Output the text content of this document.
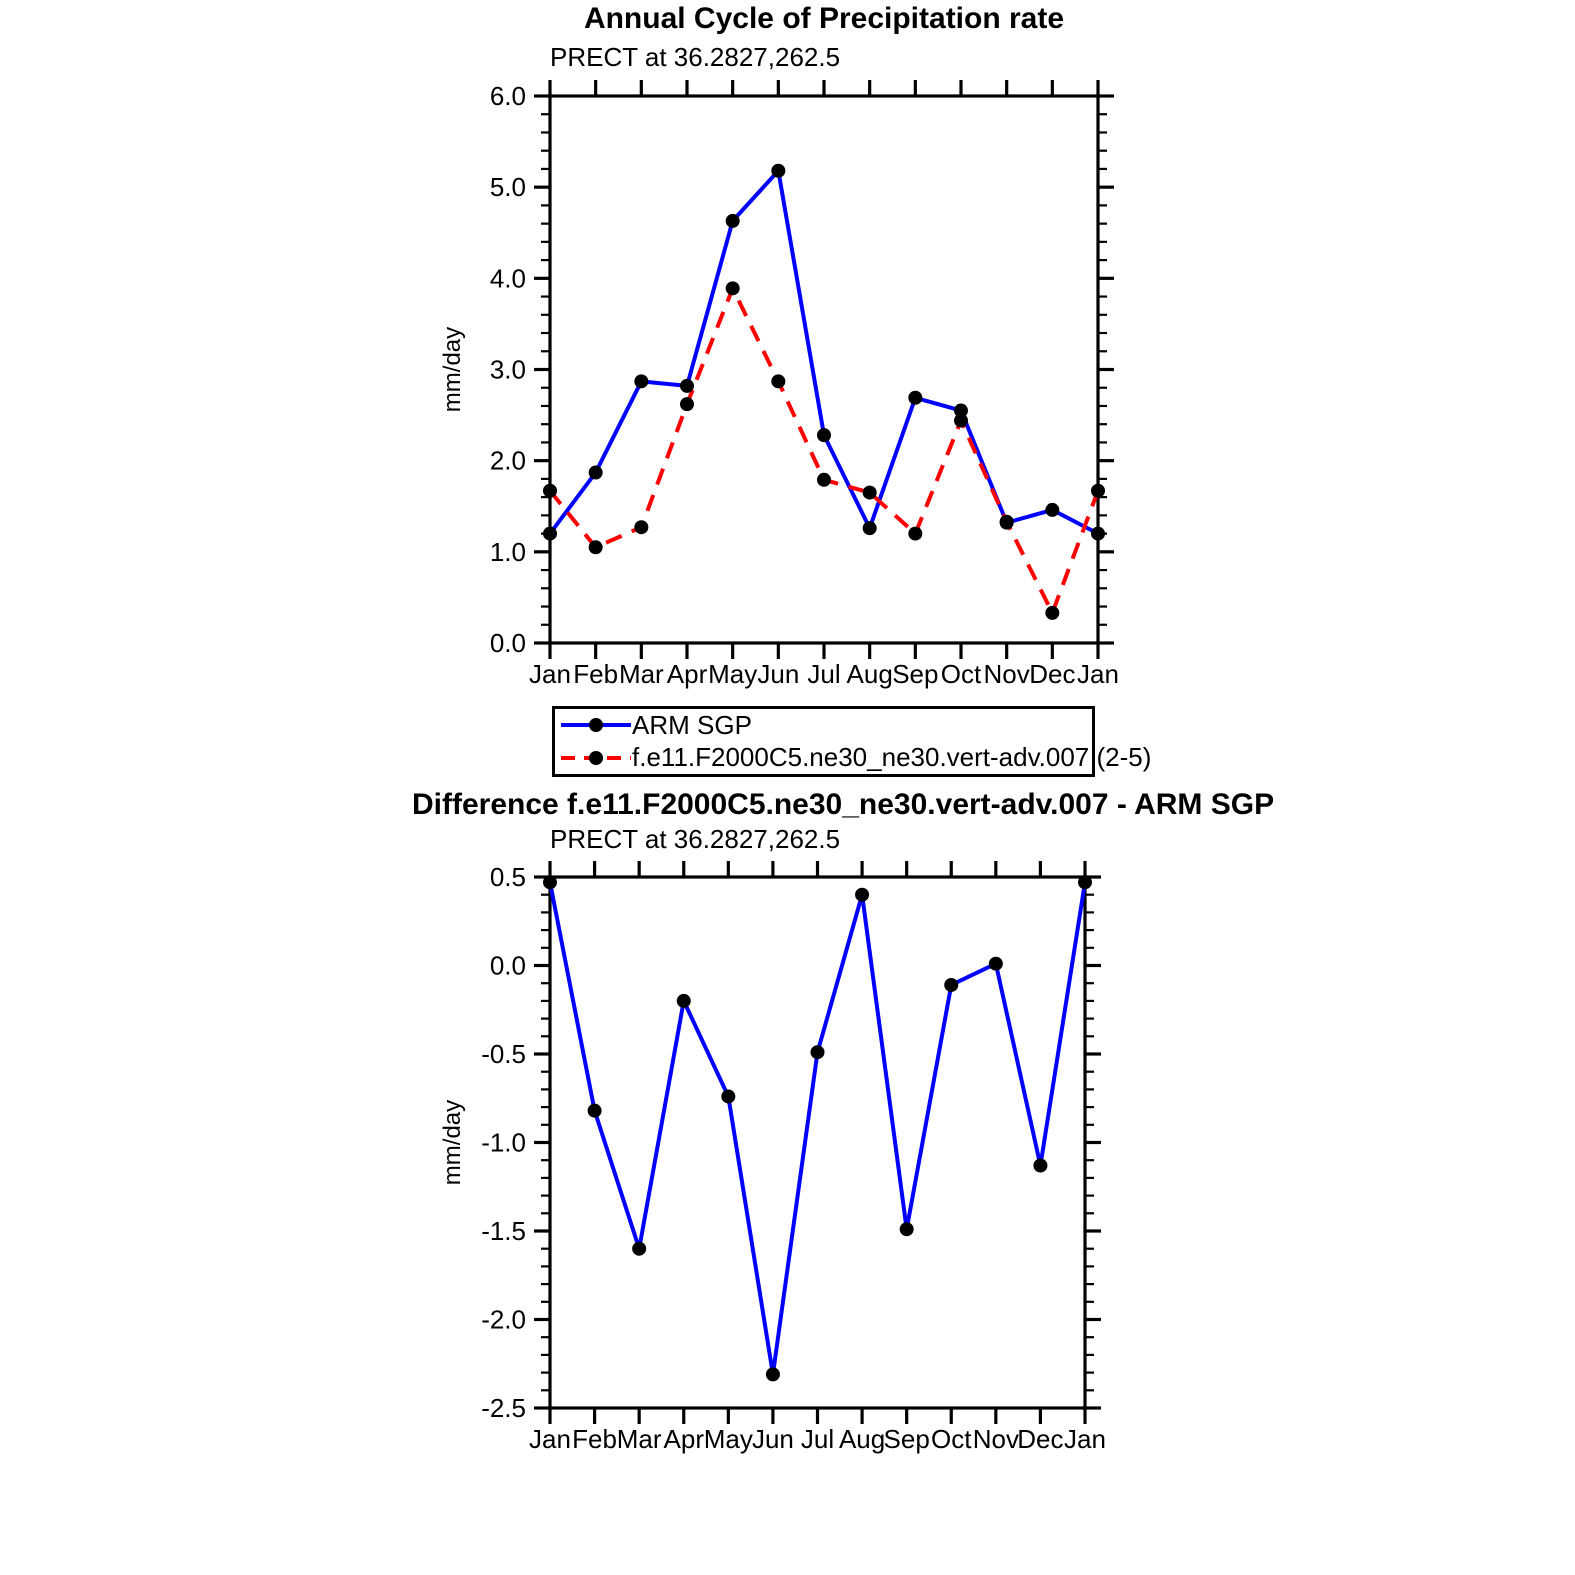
Annual Cycle of Precipitation rate
PRECT at 36.2827,262.5
Jan Feb Mar Apr May Jun Jul Aug Sep Oct Nov Dec Jan
0.0
1.0
2.0
3.0
4.0
5.0
6.0
mm/day
Jan Feb Mar Apr May Jun Jul Aug
Sep Oct Nov
Dec Jan
-2.5
-2.0
-1.5
-1.0
-0.5
0.0
0.5
mm/day
ARM SGP
f.e11.F2000C5.ne30_ne30.vert-adv.007 (2-5)
Difference f.e11.F2000C5.ne30_ne30.vert-adv.007 - ARM SGP
PRECT at 36.2827,262.5
